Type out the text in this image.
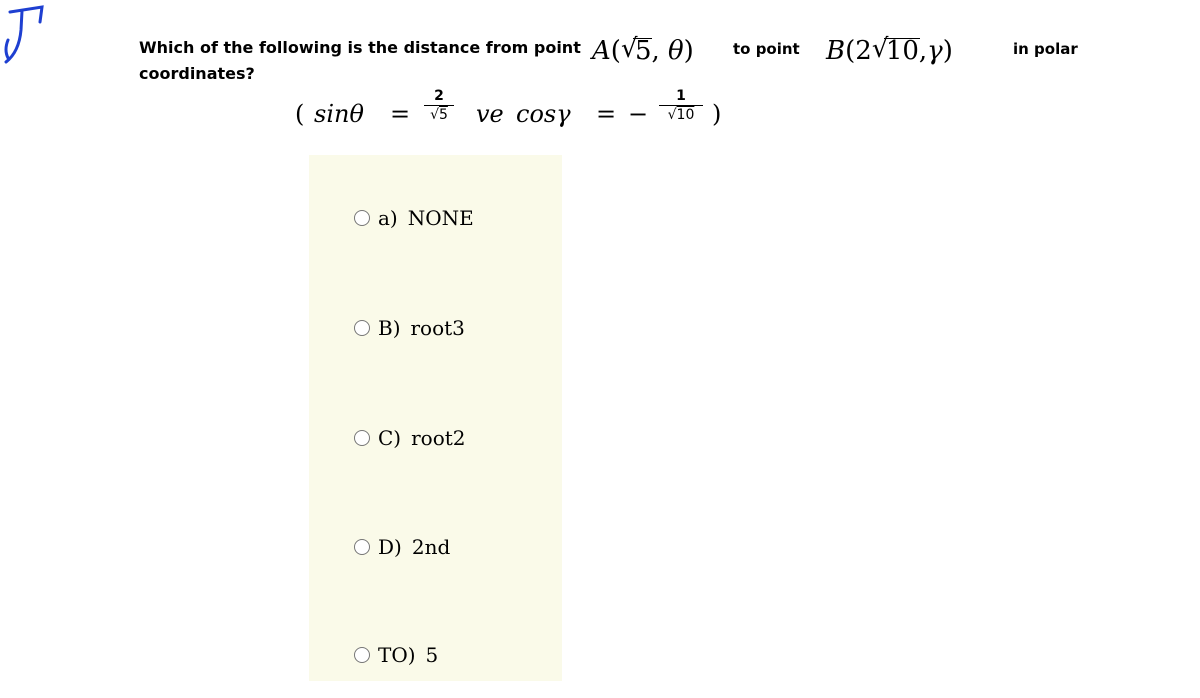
Which of the following is the distance from point A( √
5, θ)	to point B(2 √
10,γ)	in polar
coordinates?
( sinθ =
2
√5 ve cosγ = −
1
√10 )
a) NONE
B) root3
C) root2
D) 2nd
TO) 5
